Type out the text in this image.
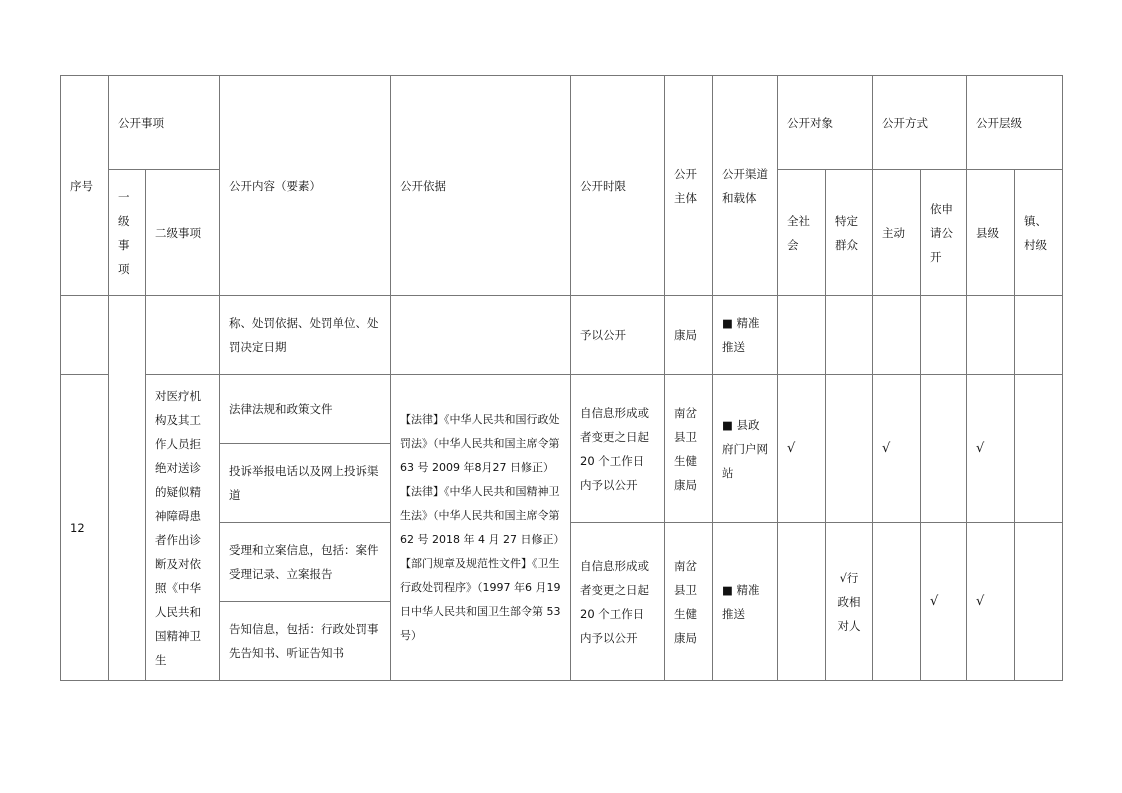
序号	公开事项		公开内容（要素）	公开依据	公开时限	公开主体	公开渠道和载体	公开对象		公开方式		公开层级	
	一级事项	二级事项						全社会	特定群众	主动	依申请公开	县级	镇、村级
			称、处罚依据、处罚单位、处罚决定日期		予以公开	康局	■ 精准推送						
12		对医疗机构及其工作人员拒绝对送诊的疑似精神障碍患者作出诊断及对依照《中华人民共和国精神卫生	法律法规和政策文件	【法律】《中华人民共和国行政处罚法》（中华人民共和国主席令第 63 号 2009 年8月27 日修正） 【法律】《中华人民共和国精神卫生法》（中华人民共和国主席令第 62 号 2018 年 4 月 27 日修正）【部门规章及规范性文件】《卫生行政处罚程序》（1997 年6 月19 日中华人民共和国卫生部令第 53 号）	自信息形成或者变更之日起20 个工作日内予以公开	南岔县卫生健康局	■ 县政府门户网站	√		√		√	
			投诉举报电话以及网上投诉渠道										
			受理和立案信息，包括：案件受理记录、立案报告		自信息形成或者变更之日起20 个工作日内予以公开	南岔县卫生健康局	■ 精准推送		√行政相对人		√	√	
			告知信息，包括：行政处罚事先告知书、听证告知书										
